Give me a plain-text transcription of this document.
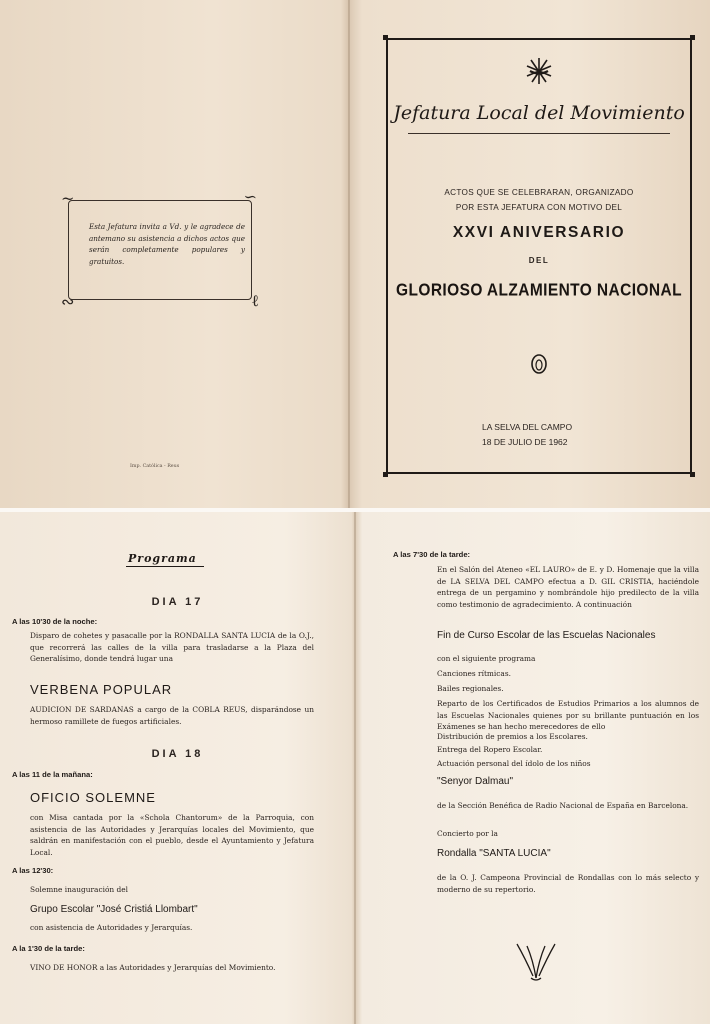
~	∽
∾	ℓ
Esta Jefatura invita a Vd. y le agradece de antemano su asistencia a dichos actos que serán completamente populares y gratuitos.
Imp. Católica - Reus
Jefatura Local del Movimiento
ACTOS QUE SE CELEBRARAN, ORGANIZADO
POR ESTA JEFATURA CON MOTIVO DEL
XXVI ANIVERSARIO
DEL
GLORIOSO ALZAMIENTO NACIONAL
LA SELVA DEL CAMPO
18 DE JULIO DE 1962
Programa
DIA 17
A las 10'30 de la noche:
Disparo de cohetes y pasacalle por la RONDALLA SANTA LUCIA de la O.J., que recorrerá las calles de la villa para trasladarse a la Plaza del Generalísimo, donde tendrá lugar una
VERBENA POPULAR
AUDICION DE SARDANAS a cargo de la COBLA REUS, disparándose un hermoso ramillete de fuegos artificiales.
DIA 18
A las 11 de la mañana:
OFICIO SOLEMNE
con Misa cantada por la «Schola Chantorum» de la Parroquia, con asistencia de las Autoridades y Jerarquías locales del Movimiento, que saldrán en manifestación con el pueblo, desde el Ayuntamiento y Jefatura Local.
A las 12'30:
Solemne inauguración del
Grupo Escolar "José Cristiá Llombart"
con asistencia de Autoridades y Jerarquías.
A la 1'30 de la tarde:
VINO DE HONOR a las Autoridades y Jerarquías del Movimiento.
A las 7'30 de la tarde:
En el Salón del Ateneo «EL LAURO» de E. y D. Homenaje que la villa de LA SELVA DEL CAMPO efectua a D. GIL CRISTIA, haciéndole entrega de un pergamino y nombrándole hijo predilecto de la villa como testimonio de agradecimiento. A continuación
Fin de Curso Escolar de las Escuelas Nacionales
con el siguiente programa
Canciones rítmicas.
Bailes regionales.
Reparto de los Certificados de Estudios Primarios a los alumnos de las Escuelas Nacionales quienes por su brillante puntuación en los Exámenes se han hecho merecedores de ello
Distribución de premios a los Escolares.
Entrega del Ropero Escolar.
Actuación personal del ídolo de los niños
"Senyor Dalmau"
de la Sección Benéfica de Radio Nacional de España en Barcelona.
Concierto por la
Rondalla "SANTA LUCIA"
de la O. J. Campeona Provincial de Rondallas con lo más selecto y moderno de su repertorio.
